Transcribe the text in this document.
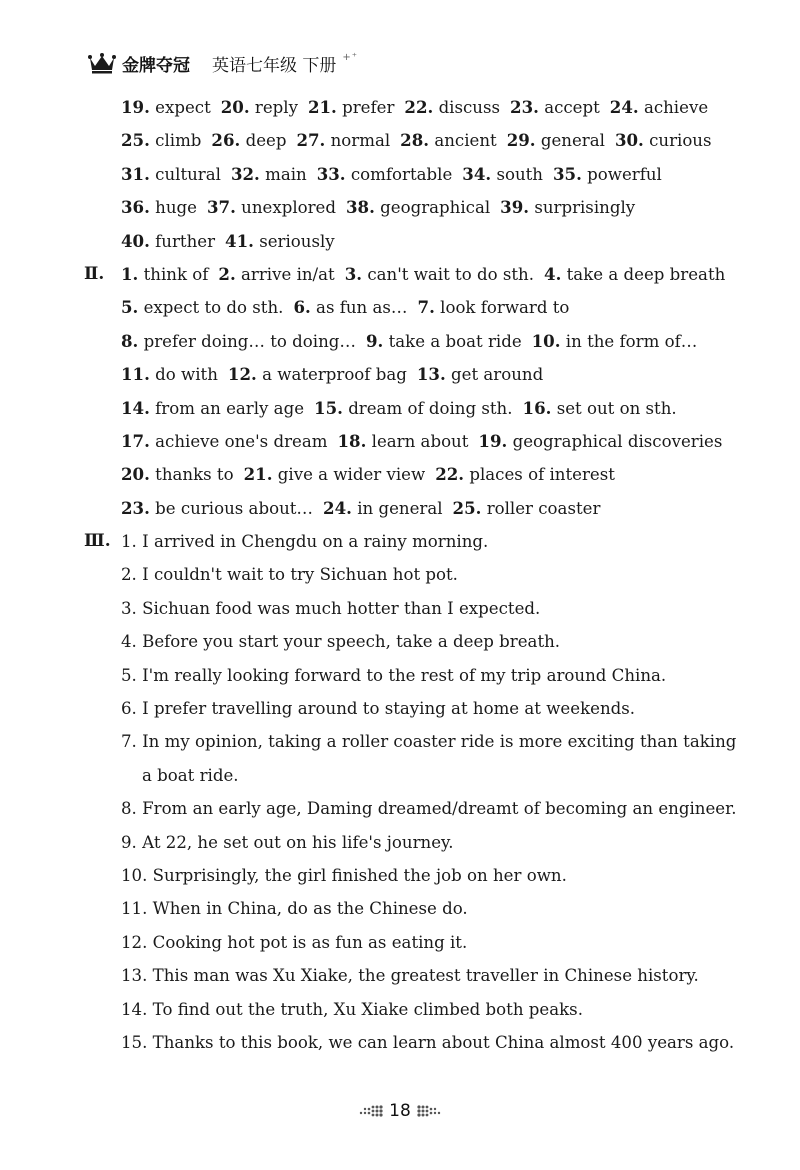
金牌夺冠 英语七年级 下册 +⁺
19. expect 20. reply 21. prefer 22. discuss 23. accept 24. achieve
25. climb 26. deep 27. normal 28. ancient 29. general 30. curious
31. cultural 32. main 33. comfortable 34. south 35. powerful
36. huge 37. unexplored 38. geographical 39. surprisingly
40. further 41. seriously
Ⅱ. 1. think of 2. arrive in/at 3. can't wait to do sth. 4. take a deep breath
5. expect to do sth. 6. as fun as… 7. look forward to
8. prefer doing… to doing… 9. take a boat ride 10. in the form of…
11. do with 12. a waterproof bag 13. get around
14. from an early age 15. dream of doing sth. 16. set out on sth.
17. achieve one's dream 18. learn about 19. geographical discoveries
20. thanks to 21. give a wider view 22. places of interest
23. be curious about… 24. in general 25. roller coaster
Ⅲ. 1. I arrived in Chengdu on a rainy morning.
2. I couldn't wait to try Sichuan hot pot.
3. Sichuan food was much hotter than I expected.
4. Before you start your speech, take a deep breath.
5. I'm really looking forward to the rest of my trip around China.
6. I prefer travelling around to staying at home at weekends.
7. In my opinion, taking a roller coaster ride is more exciting than taking
a boat ride.
8. From an early age, Daming dreamed/dreamt of becoming an engineer.
9. At 22, he set out on his life's journey.
10. Surprisingly, the girl finished the job on her own.
11. When in China, do as the Chinese do.
12. Cooking hot pot is as fun as eating it.
13. This man was Xu Xiake, the greatest traveller in Chinese history.
14. To find out the truth, Xu Xiake climbed both peaks.
15. Thanks to this book, we can learn about China almost 400 years ago.
18
